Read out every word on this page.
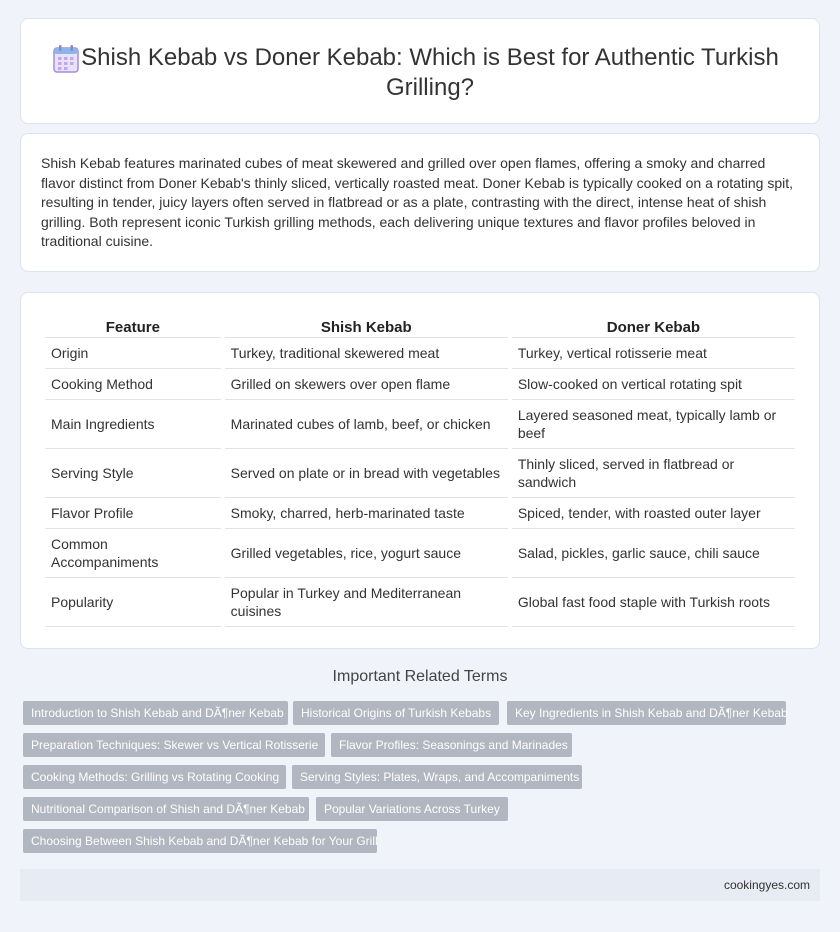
Shish Kebab vs Doner Kebab: Which is Best for Authentic Turkish Grilling?

Shish Kebab features marinated cubes of meat skewered and grilled over open flames, offering a smoky and charred flavor distinct from Doner Kebab's thinly sliced, vertically roasted meat. Doner Kebab is typically cooked on a rotating spit, resulting in tender, juicy layers often served in flatbread or as a plate, contrasting with the direct, intense heat of shish grilling. Both represent iconic Turkish grilling methods, each delivering unique textures and flavor profiles beloved in traditional cuisine.

Feature	Shish Kebab	Doner Kebab
Origin	Turkey, traditional skewered meat	Turkey, vertical rotisserie meat
Cooking Method	Grilled on skewers over open flame	Slow-cooked on vertical rotating spit
Main Ingredients	Marinated cubes of lamb, beef, or chicken	Layered seasoned meat, typically lamb or beef
Serving Style	Served on plate or in bread with vegetables	Thinly sliced, served in flatbread or sandwich
Flavor Profile	Smoky, charred, herb-marinated taste	Spiced, tender, with roasted outer layer
Common Accompaniments	Grilled vegetables, rice, yogurt sauce	Salad, pickles, garlic sauce, chili sauce
Popularity	Popular in Turkey and Mediterranean cuisines	Global fast food staple with Turkish roots
Important Related Terms
Introduction to Shish Kebab and DÃ¶ner Kebab	Historical Origins of Turkish Kebabs	Key Ingredients in Shish Kebab and DÃ¶ner Kebab
Preparation Techniques: Skewer vs Vertical Rotisserie	Flavor Profiles: Seasonings and Marinades
Cooking Methods: Grilling vs Rotating Cooking	Serving Styles: Plates, Wraps, and Accompaniments
Nutritional Comparison of Shish and DÃ¶ner Kebab	Popular Variations Across Turkey
Choosing Between Shish Kebab and DÃ¶ner Kebab for Your Grill
cookingyes.com
